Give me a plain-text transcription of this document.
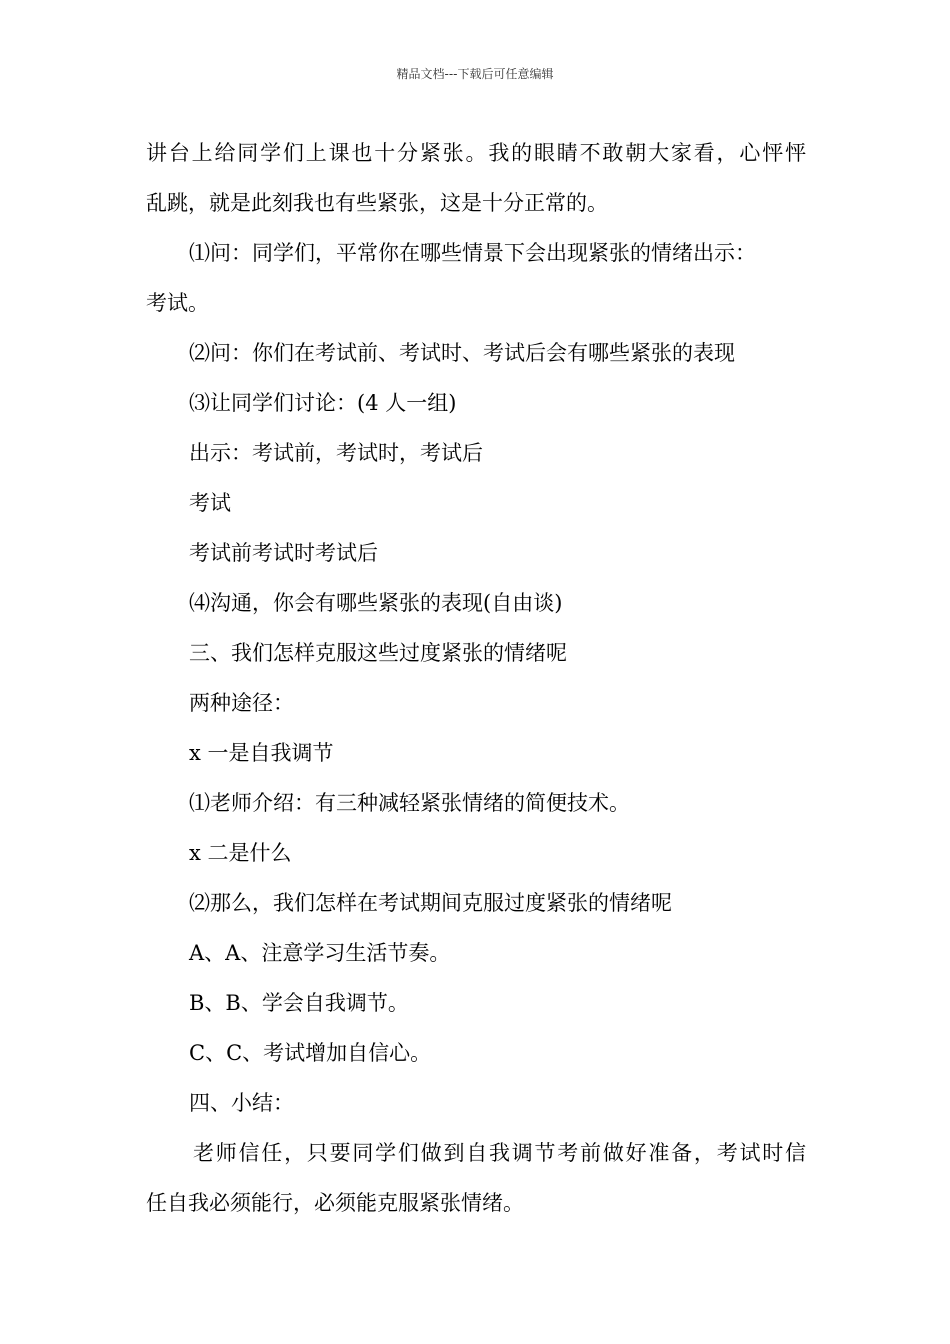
精品文档---下载后可任意编辑
讲台上给同学们上课也十分紧张。我的眼睛不敢朝大家看，心怦怦
乱跳，就是此刻我也有些紧张，这是十分正常的。
⑴问：同学们，平常你在哪些情景下会出现紧张的情绪出示：
考试。
⑵问：你们在考试前、考试时、考试后会有哪些紧张的表现
⑶让同学们讨论：(4 人一组)
出示：考试前，考试时，考试后
考试
考试前考试时考试后
⑷沟通，你会有哪些紧张的表现(自由谈)
三、我们怎样克服这些过度紧张的情绪呢
两种途径：
x 一是自我调节
⑴老师介绍：有三种减轻紧张情绪的简便技术。
x 二是什么
⑵那么，我们怎样在考试期间克服过度紧张的情绪呢
A、A、注意学习生活节奏。
B、B、学会自我调节。
C、C、考试增加自信心。
四、小结：
老师信任，只要同学们做到自我调节考前做好准备，考试时信
任自我必须能行，必须能克服紧张情绪。
